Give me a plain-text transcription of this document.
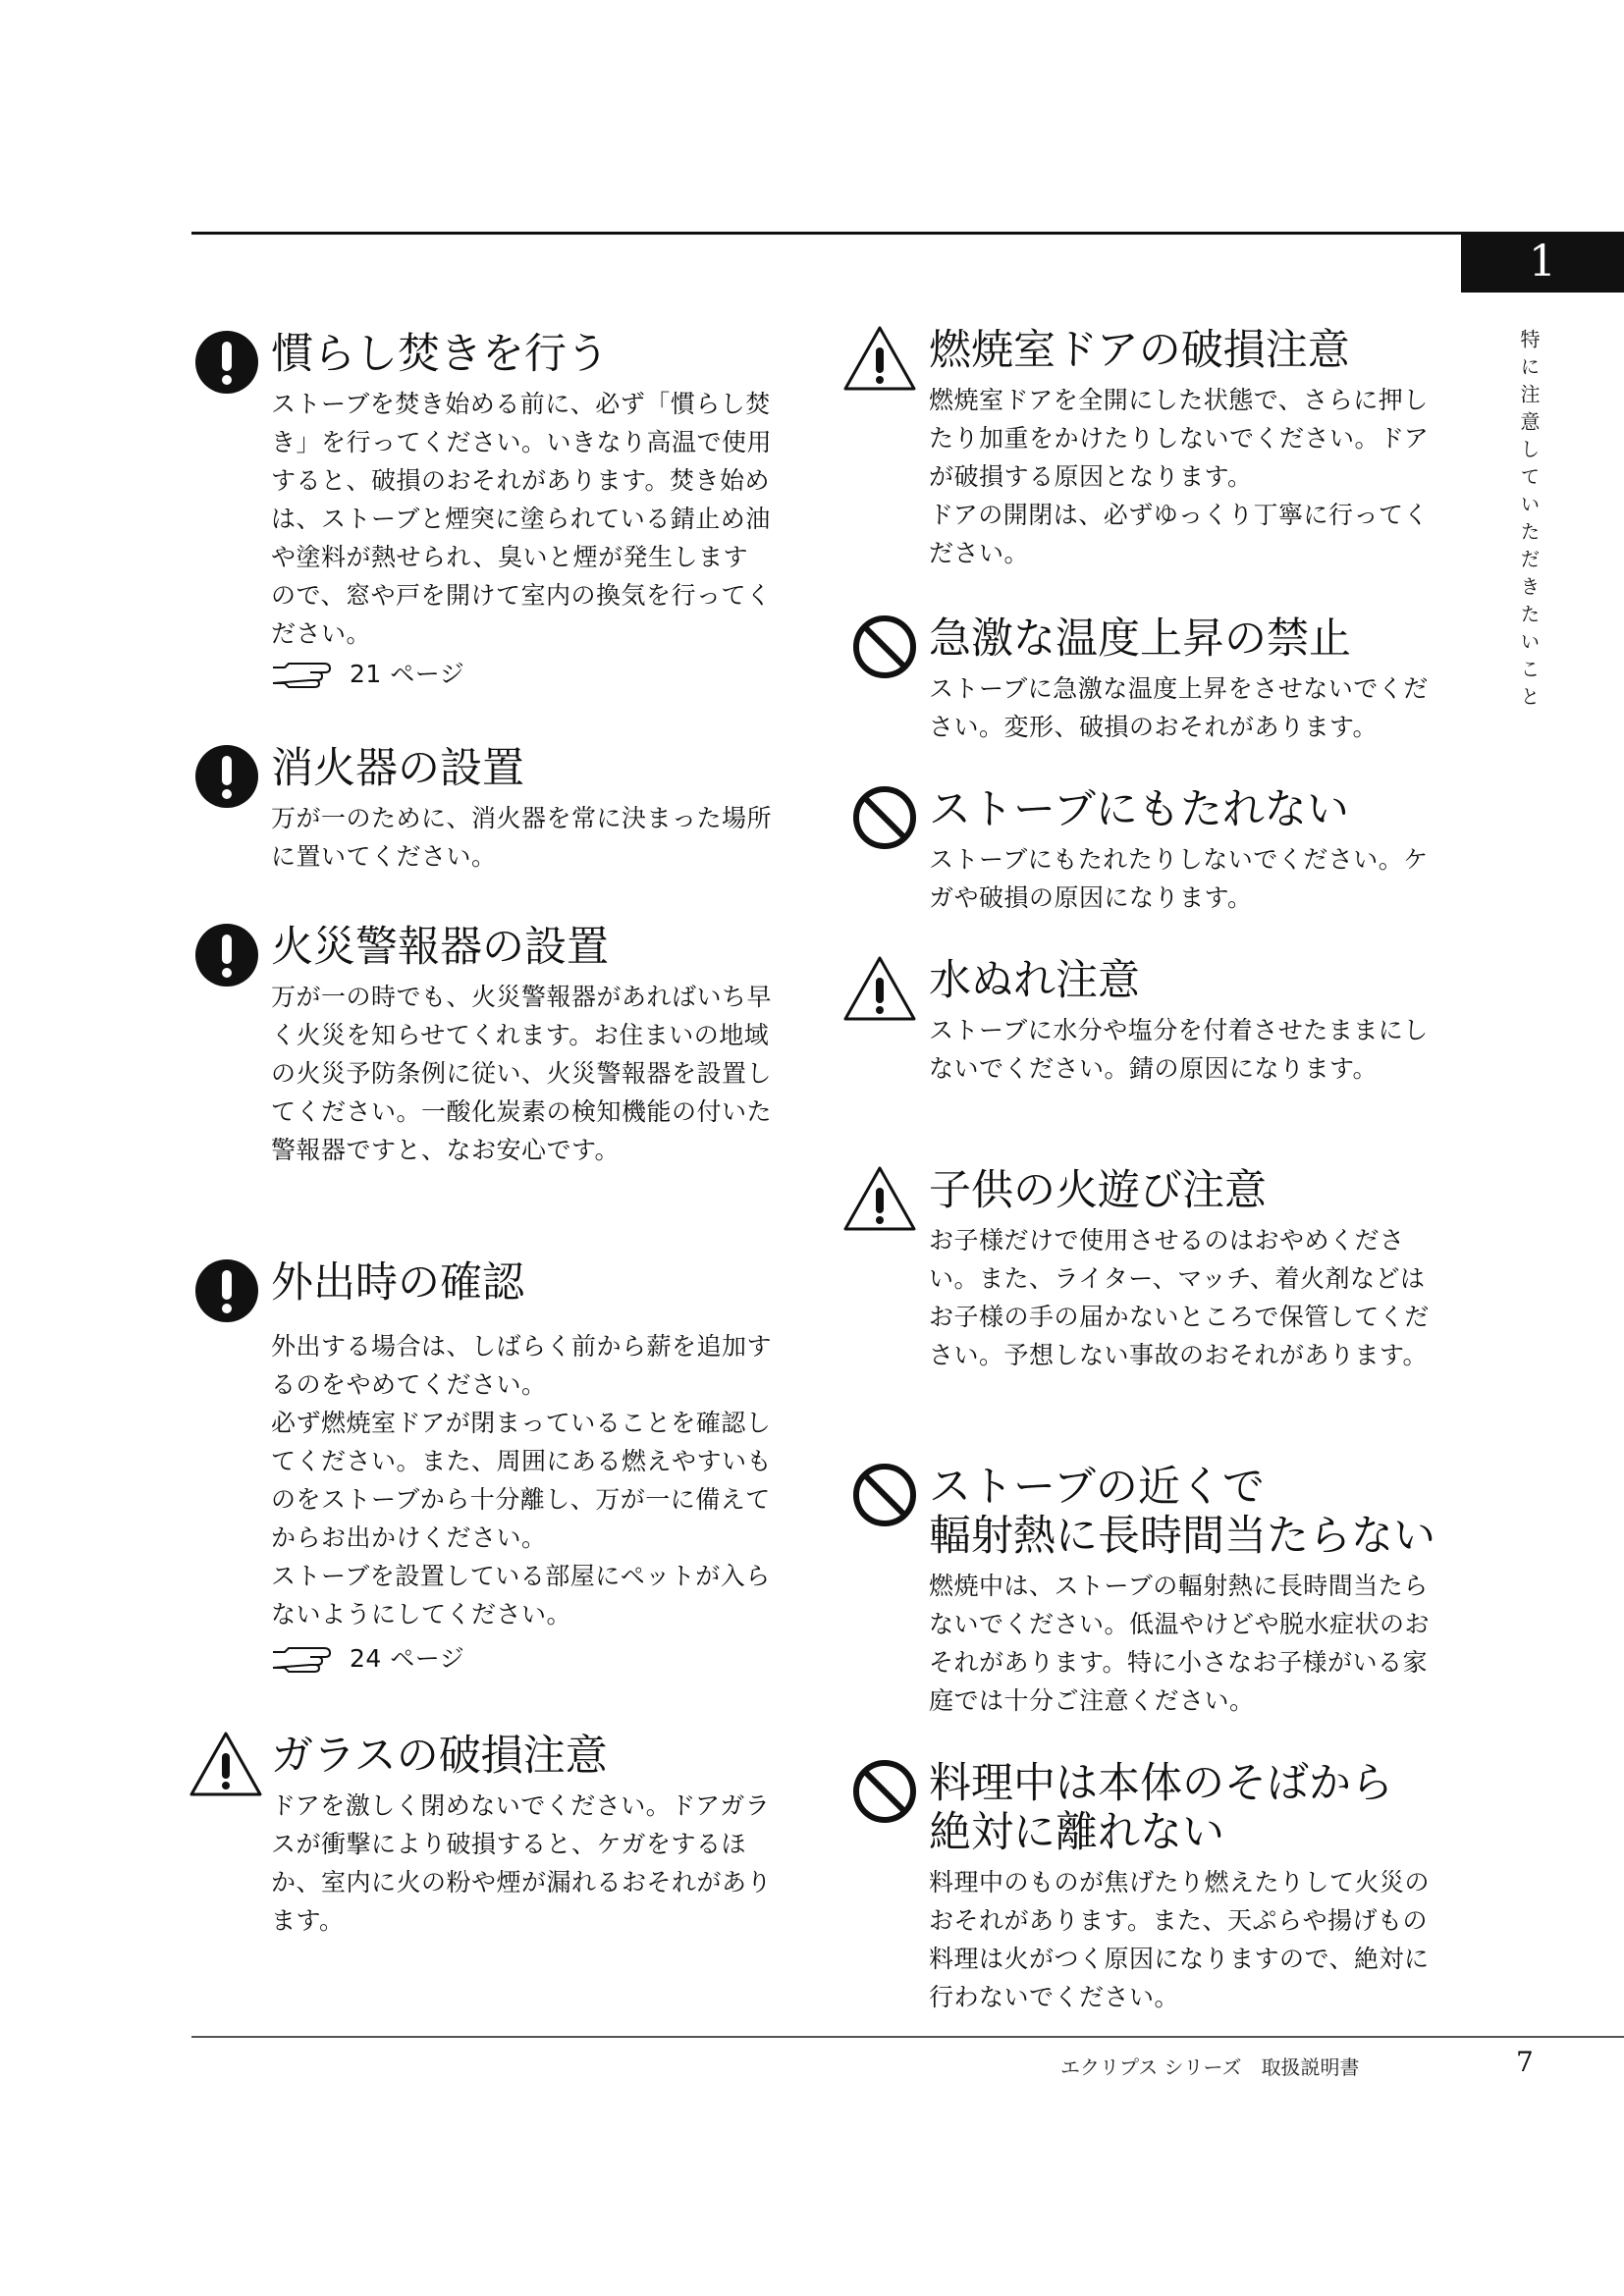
1
特に注意していただきたいこと
エクリプス シリーズ　取扱説明書	7
慣らし焚きを行う

ストーブを焚き始める前に、必ず「慣らし焚き」を行ってください。いきなり高温で使用すると、破損のおそれがあります。焚き始めは、ストーブと煙突に塗られている錆止め油や塗料が熱せられ、臭いと煙が発生しますので、窓や戸を開けて室内の換気を行ってください。

21 ページ
消火器の設置

万が一のために、消火器を常に決まった場所に置いてください。

火災警報器の設置

万が一の時でも、火災警報器があればいち早く火災を知らせてくれます。お住まいの地域の火災予防条例に従い、火災警報器を設置してください。一酸化炭素の検知機能の付いた警報器ですと、なお安心です。

外出時の確認

外出する場合は、しばらく前から薪を追加するのをやめてください。

必ず燃焼室ドアが閉まっていることを確認してください。また、周囲にある燃えやすいものをストーブから十分離し、万が一に備えてからお出かけください。

ストーブを設置している部屋にペットが入らないようにしてください。

24 ページ
ガラスの破損注意

ドアを激しく閉めないでください。ドアガラスが衝撃により破損すると、ケガをするほか、室内に火の粉や煙が漏れるおそれがあります。

燃焼室ドアの破損注意

燃焼室ドアを全開にした状態で、さらに押したり加重をかけたりしないでください。ドアが破損する原因となります。

ドアの開閉は、必ずゆっくり丁寧に行ってください。

急激な温度上昇の禁止

ストーブに急激な温度上昇をさせないでください。変形、破損のおそれがあります。

ストーブにもたれない

ストーブにもたれたりしないでください。ケガや破損の原因になります。

水ぬれ注意

ストーブに水分や塩分を付着させたままにしないでください。錆の原因になります。

子供の火遊び注意

お子様だけで使用させるのはおやめください。また、ライター、マッチ、着火剤などはお子様の手の届かないところで保管してください。予想しない事故のおそれがあります。

ストーブの近くで
輻射熱に長時間当たらない

燃焼中は、ストーブの輻射熱に長時間当たらないでください。低温やけどや脱水症状のおそれがあります。特に小さなお子様がいる家庭では十分ご注意ください。

料理中は本体のそばから
絶対に離れない

料理中のものが焦げたり燃えたりして火災のおそれがあります。また、天ぷらや揚げもの料理は火がつく原因になりますので、絶対に行わないでください。
